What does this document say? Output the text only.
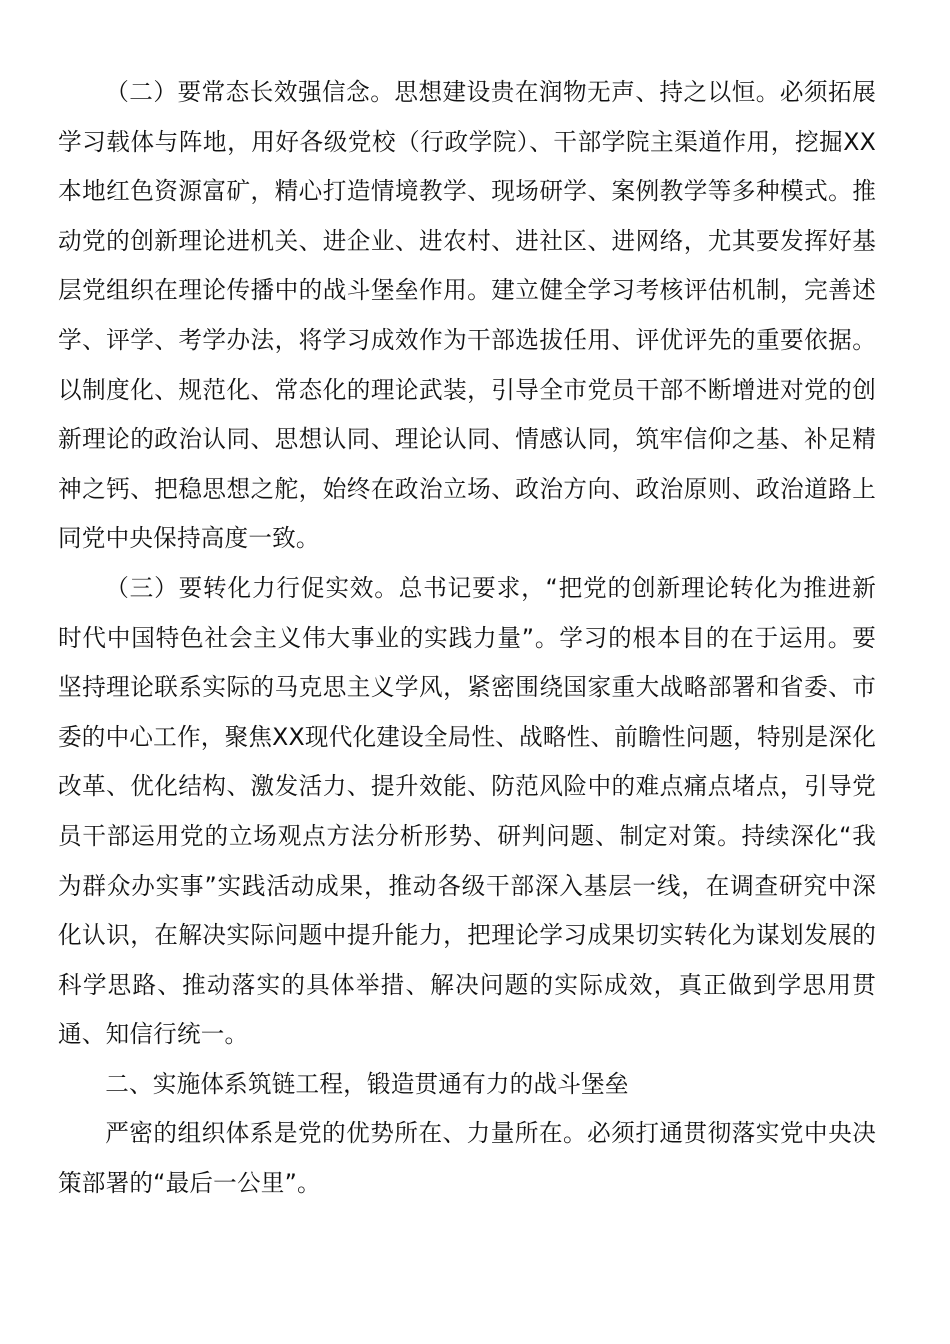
（二）要常态长效强信念。思想建设贵在润物无声、持之以恒。必须拓展学习载体与阵地，用好各级党校（行政学院）、干部学院主渠道作用，挖掘XX本地红色资源富矿，精心打造情境教学、现场研学、案例教学等多种模式。推动党的创新理论进机关、进企业、进农村、进社区、进网络，尤其要发挥好基层党组织在理论传播中的战斗堡垒作用。建立健全学习考核评估机制，完善述学、评学、考学办法，将学习成效作为干部选拔任用、评优评先的重要依据。以制度化、规范化、常态化的理论武装，引导全市党员干部不断增进对党的创新理论的政治认同、思想认同、理论认同、情感认同，筑牢信仰之基、补足精神之钙、把稳思想之舵，始终在政治立场、政治方向、政治原则、政治道路上同党中央保持高度一致。

（三）要转化力行促实效。总书记要求，“把党的创新理论转化为推进新时代中国特色社会主义伟大事业的实践力量”。学习的根本目的在于运用。要坚持理论联系实际的马克思主义学风，紧密围绕国家重大战略部署和省委、市委的中心工作，聚焦XX现代化建设全局性、战略性、前瞻性问题，特别是深化改革、优化结构、激发活力、提升效能、防范风险中的难点痛点堵点，引导党员干部运用党的立场观点方法分析形势、研判问题、制定对策。持续深化“我为群众办实事”实践活动成果，推动各级干部深入基层一线，在调查研究中深化认识，在解决实际问题中提升能力，把理论学习成果切实转化为谋划发展的科学思路、推动落实的具体举措、解决问题的实际成效，真正做到学思用贯通、知信行统一。

二、实施体系筑链工程，锻造贯通有力的战斗堡垒

严密的组织体系是党的优势所在、力量所在。必须打通贯彻落实党中央决策部署的“最后一公里”。
